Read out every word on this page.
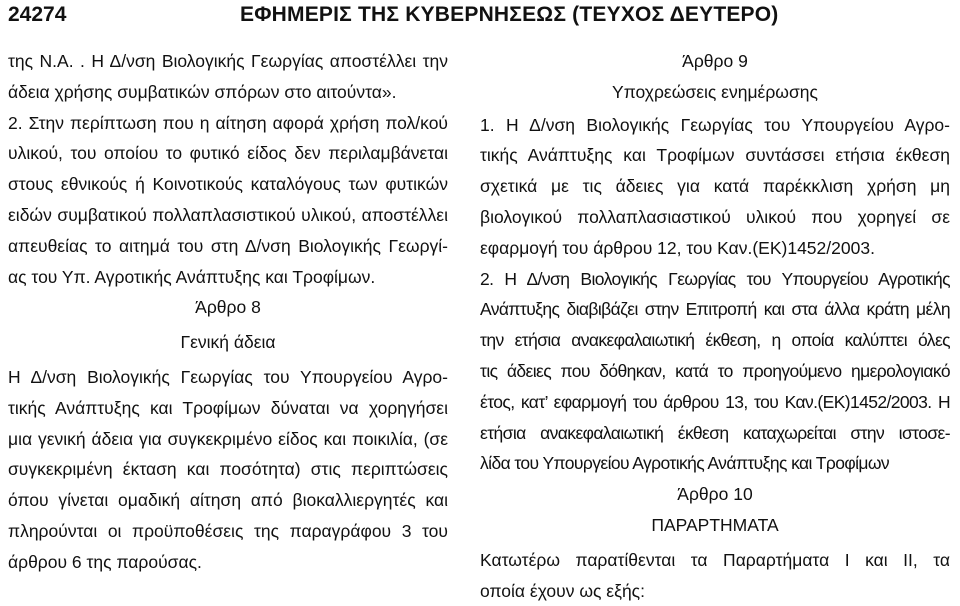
24274	ΕΦΗΜΕΡΙΣ ΤΗΣ ΚΥΒΕΡΝΗΣΕΩΣ (ΤΕΥΧΟΣ ΔΕΥΤΕΡΟ)
της Ν.Α. . Η Δ/νση Βιολογικής Γεωργίας αποστέλλει την
άδεια χρήσης συμβατικών σπόρων στο αιτούντα».
2. Στην περίπτωση που η αίτηση αφορά χρήση πολ/κού
υλικού, του οποίου το φυτικό είδος δεν περιλαμβάνεται
στους εθνικούς ή Κοινοτικούς καταλόγους των φυτικών
ειδών συμβατικού πολλαπλασιστικού υλικού, αποστέλλει
απευθείας το αιτημά του στη Δ/νση Βιολογικής Γεωργί-
ας του Υπ. Αγροτικής Ανάπτυξης και Τροφίμων.
Άρθρο 8
Γενική άδεια
Η Δ/νση Βιολογικής Γεωργίας του Υπουργείου Αγρο-
τικής Ανάπτυξης και Τροφίμων δύναται να χορηγήσει
μια γενική άδεια για συγκεκριμένο είδος και ποικιλία, (σε
συγκεκριμένη έκταση και ποσότητα) στις περιπτώσεις
όπου γίνεται ομαδική αίτηση από βιοκαλλιεργητές και
πληρούνται οι προϋποθέσεις της παραγράφου 3 του
άρθρου 6 της παρούσας.
Άρθρο 9
Υποχρεώσεις ενημέρωσης
1. Η Δ/νση Βιολογικής Γεωργίας του Υπουργείου Αγρο-
τικής Ανάπτυξης και Τροφίμων συντάσσει ετήσια έκθεση
σχετικά με τις άδειες για κατά παρέκκλιση χρήση μη
βιολογικού πολλαπλασιαστικού υλικού που χορηγεί σε
εφαρμογή του άρθρου 12, του Καν.(ΕΚ)1452/2003.
2. Η Δ/νση Βιολογικής Γεωργίας του Υπουργείου Αγροτικής
Ανάπτυξης διαβιβάζει στην Επιτροπή και στα άλλα κράτη μέλη
την ετήσια ανακεφαλαιωτική έκθεση, η οποία καλύπτει όλες
τις άδειες που δόθηκαν, κατά το προηγούμενο ημερολογιακό
έτος, κατ’ εφαρμογή του άρθρου 13, του Καν.(ΕΚ)1452/2003. Η
ετήσια ανακεφαλαιωτική έκθεση καταχωρείται στην ιστοσε-
λίδα του Υπουργείου Αγροτικής Ανάπτυξης και Τροφίμων
Άρθρο 10
ΠΑΡΑΡΤΗΜΑΤΑ
Κατωτέρω παρατίθενται τα Παραρτήματα Ι και ΙΙ, τα
οποία έχουν ως εξής:
